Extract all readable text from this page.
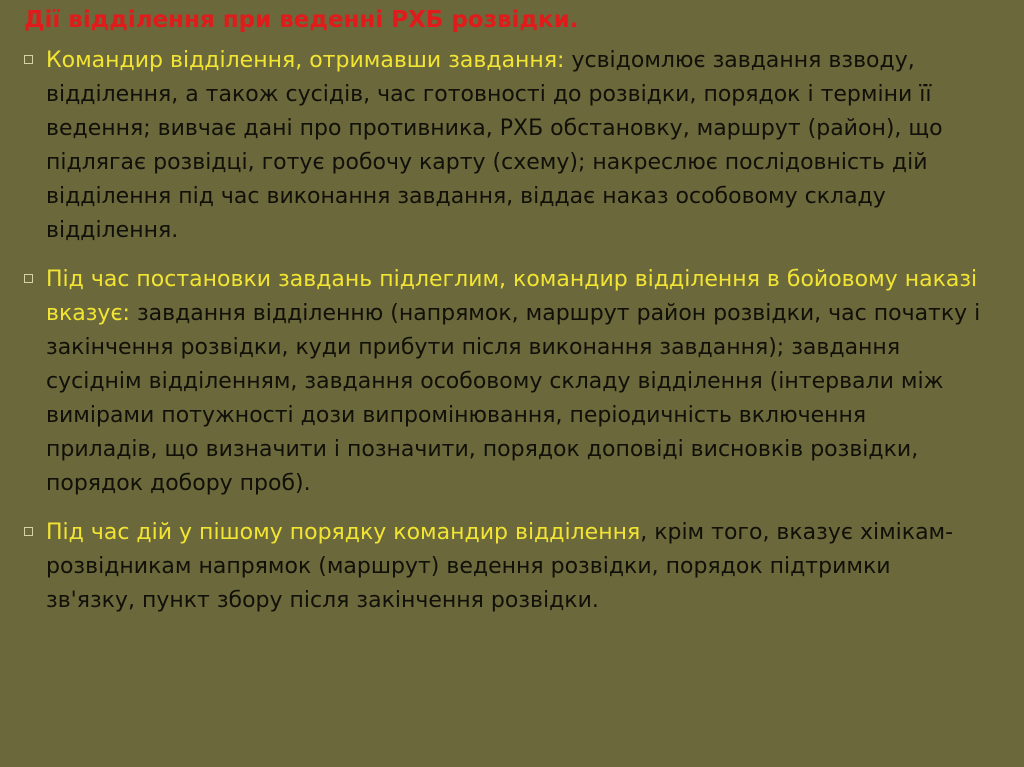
Дії відділення при веденні РХБ розвідки.
Командир відділення, отримавши завдання: усвідомлює завдання взводу, відділення, а також сусідів, час готовності до розвідки, порядок і терміни її ведення; вивчає дані про противника, РХБ обстановку, маршрут (район), що підлягає розвідці, готує робочу карту (схему); накреслює послідовність дій відділення під час виконання завдання, віддає наказ особовому складу відділення.
Під час постановки завдань підлеглим, командир відділення в бойовому наказі вказує: завдання відділенню (напрямок, маршрут район розвідки, час початку і закінчення розвідки, куди прибути після виконання завдання); завдання сусіднім відділенням, завдання особовому складу відділення (інтервали між вимірами потужності дози випромінювання, періодичність включення приладів, що визначити і позначити, порядок доповіді висновків розвідки, порядок добору проб).
Під час дій у пішому порядку командир відділення, крім того, вказує хімікам-розвідникам напрямок (маршрут) ведення розвідки, порядок підтримки зв'язку, пункт збору після закінчення розвідки.
